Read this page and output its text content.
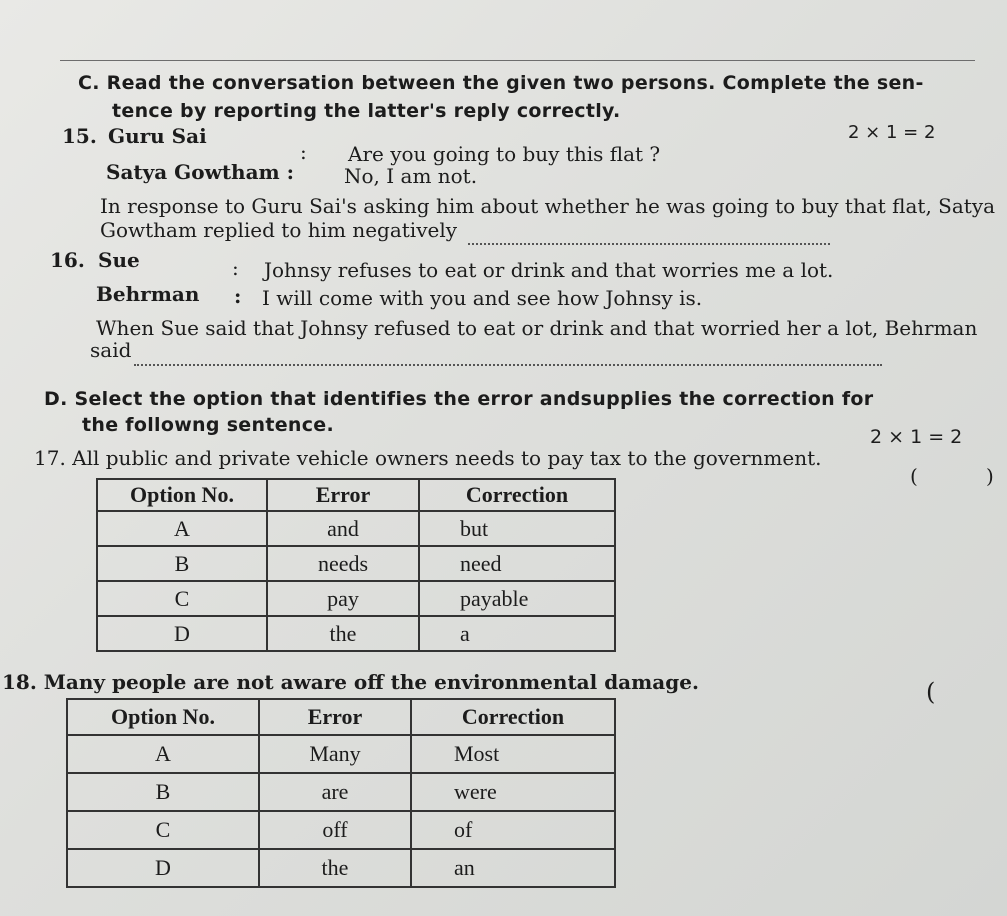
C. Read the conversation between the given two persons. Complete the sen-
tence by reporting the latter's reply correctly.
2 × 1 = 2
15. Guru Sai
: Are you going to buy this flat ?
Satya Gowtham : No, I am not.
In response to Guru Sai's asking him about whether he was going to buy that flat, Satya
Gowtham replied to him negatively
16. Sue	: Johnsy refuses to eat or drink and that worries me a lot.
Behrman : I will come with you and see how Johnsy is.
When Sue said that Johnsy refused to eat or drink and that worried her a lot, Behrman
said
D. Select the option that identifies the error andsupplies the correction for
the followng sentence.
2 × 1 = 2
17. All public and private vehicle owners needs to pay tax to the government.
(	)
Option No.	Error	Correction
A	and	but
B	needs	need
C	pay	payable
D	the	a
18. Many people are not aware off the environmental damage.	(
Option No.	Error	Correction
A	Many	Most
B	are	were
C	off	of
D	the	an
